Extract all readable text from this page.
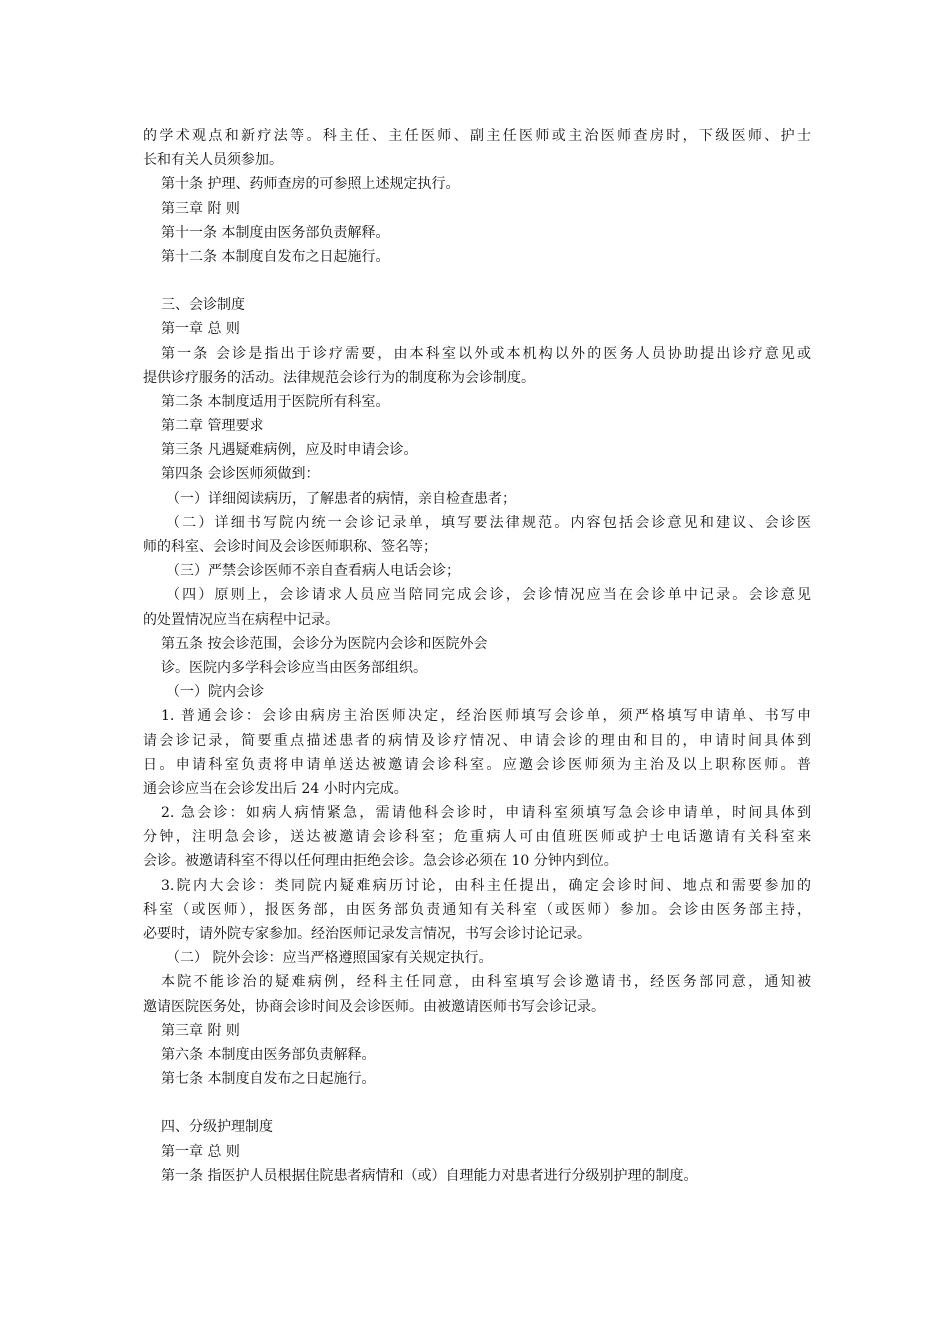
的学术观点和新疗法等。科主任、主任医师、副主任医师或主治医师查房时，下级医师、护士
长和有关人员须参加。
第十条 护理、药师查房的可参照上述规定执行。
第三章 附 则
第十一条 本制度由医务部负责解释。
第十二条 本制度自发布之日起施行。
三、会诊制度
第一章 总 则
第一条 会诊是指出于诊疗需要，由本科室以外或本机构以外的医务人员协助提出诊疗意见或
提供诊疗服务的活动。法律规范会诊行为的制度称为会诊制度。
第二条 本制度适用于医院所有科室。
第二章 管理要求
第三条 凡遇疑难病例，应及时申请会诊。
第四条 会诊医师须做到：
（一）详细阅读病历，了解患者的病情，亲自检查患者；
（二）详细书写院内统一会诊记录单，填写要法律规范。内容包括会诊意见和建议、会诊医
师的科室、会诊时间及会诊医师职称、签名等；
（三）严禁会诊医师不亲自查看病人电话会诊；
（四）原则上，会诊请求人员应当陪同完成会诊，会诊情况应当在会诊单中记录。会诊意见
的处置情况应当在病程中记录。
第五条 按会诊范围，会诊分为医院内会诊和医院外会
诊。医院内多学科会诊应当由医务部组织。
（一）院内会诊
1. 普通会诊：会诊由病房主治医师决定，经治医师填写会诊单，须严格填写申请单、书写申
请会诊记录，简要重点描述患者的病情及诊疗情况、申请会诊的理由和目的，申请时间具体到
日。申请科室负责将申请单送达被邀请会诊科室。应邀会诊医师须为主治及以上职称医师。普
通会诊应当在会诊发出后 24 小时内完成。
2. 急会诊：如病人病情紧急，需请他科会诊时，申请科室须填写急会诊申请单，时间具体到
分钟，注明急会诊，送达被邀请会诊科室；危重病人可由值班医师或护士电话邀请有关科室来
会诊。被邀请科室不得以任何理由拒绝会诊。急会诊必须在 10 分钟内到位。
3.院内大会诊：类同院内疑难病历讨论，由科主任提出，确定会诊时间、地点和需要参加的
科室（或医师），报医务部，由医务部负责通知有关科室（或医师）参加。会诊由医务部主持，
必要时，请外院专家参加。经治医师记录发言情况，书写会诊讨论记录。
（二） 院外会诊：应当严格遵照国家有关规定执行。
本院不能诊治的疑难病例，经科主任同意，由科室填写会诊邀请书，经医务部同意，通知被
邀请医院医务处，协商会诊时间及会诊医师。由被邀请医师书写会诊记录。
第三章 附 则
第六条 本制度由医务部负责解释。
第七条 本制度自发布之日起施行。
四、分级护理制度
第一章 总 则
第一条 指医护人员根据住院患者病情和（或）自理能力对患者进行分级别护理的制度。
